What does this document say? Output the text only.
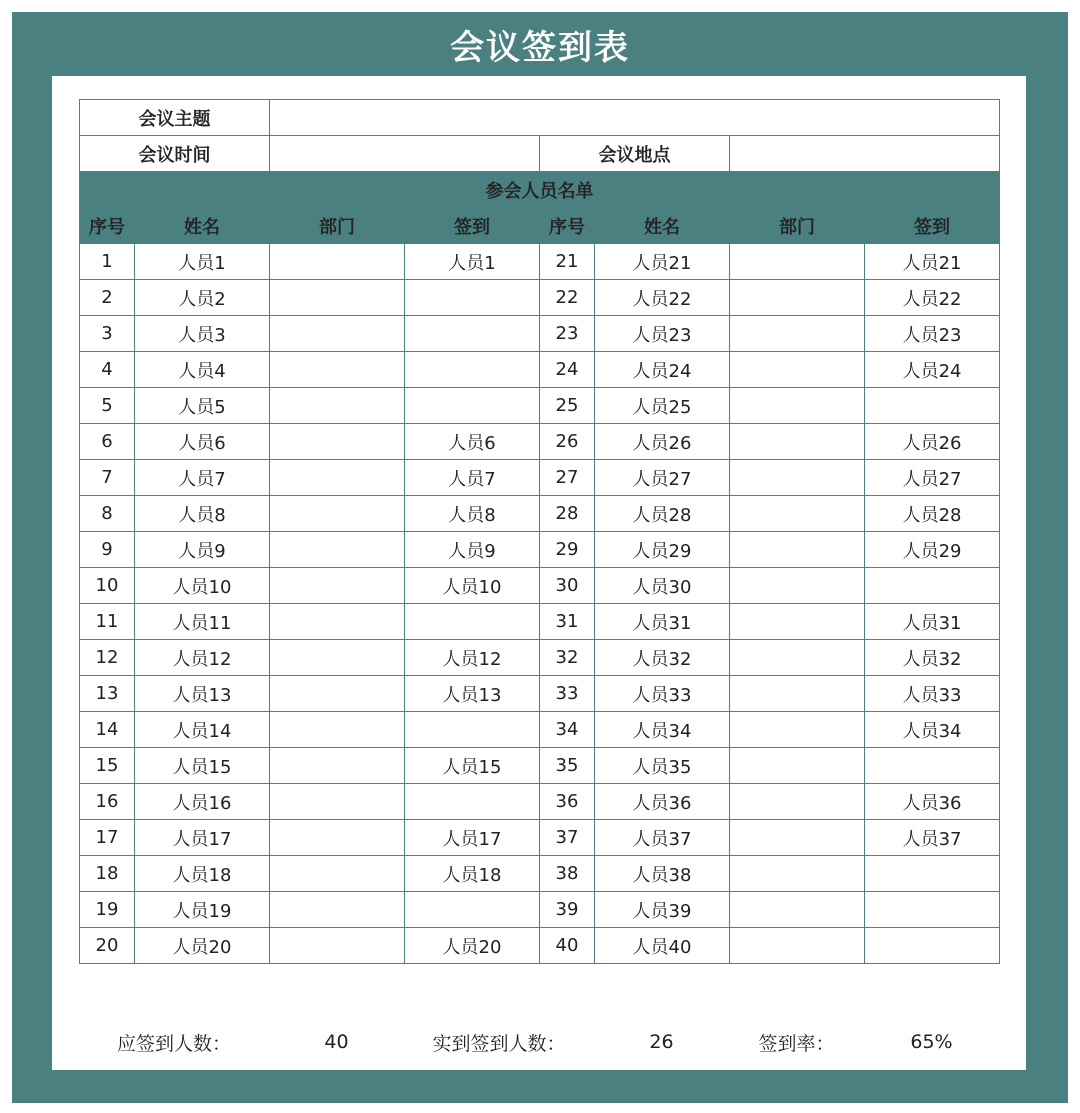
会议签到表
会议主题							
会议时间				会议地点			
参会人员名单							
序号	姓名	部门	签到	序号	姓名	部门	签到
1	人员1		人员1	21	人员21		人员21
2	人员2			22	人员22		人员22
3	人员3			23	人员23		人员23
4	人员4			24	人员24		人员24
5	人员5			25	人员25		
6	人员6		人员6	26	人员26		人员26
7	人员7		人员7	27	人员27		人员27
8	人员8		人员8	28	人员28		人员28
9	人员9		人员9	29	人员29		人员29
10	人员10		人员10	30	人员30		
11	人员11			31	人员31		人员31
12	人员12		人员12	32	人员32		人员32
13	人员13		人员13	33	人员33		人员33
14	人员14			34	人员34		人员34
15	人员15		人员15	35	人员35		
16	人员16			36	人员36		人员36
17	人员17		人员17	37	人员37		人员37
18	人员18		人员18	38	人员38		
19	人员19			39	人员39		
20	人员20		人员20	40	人员40		
应签到人数：	40	实到签到人数：	26	签到率：	65%
